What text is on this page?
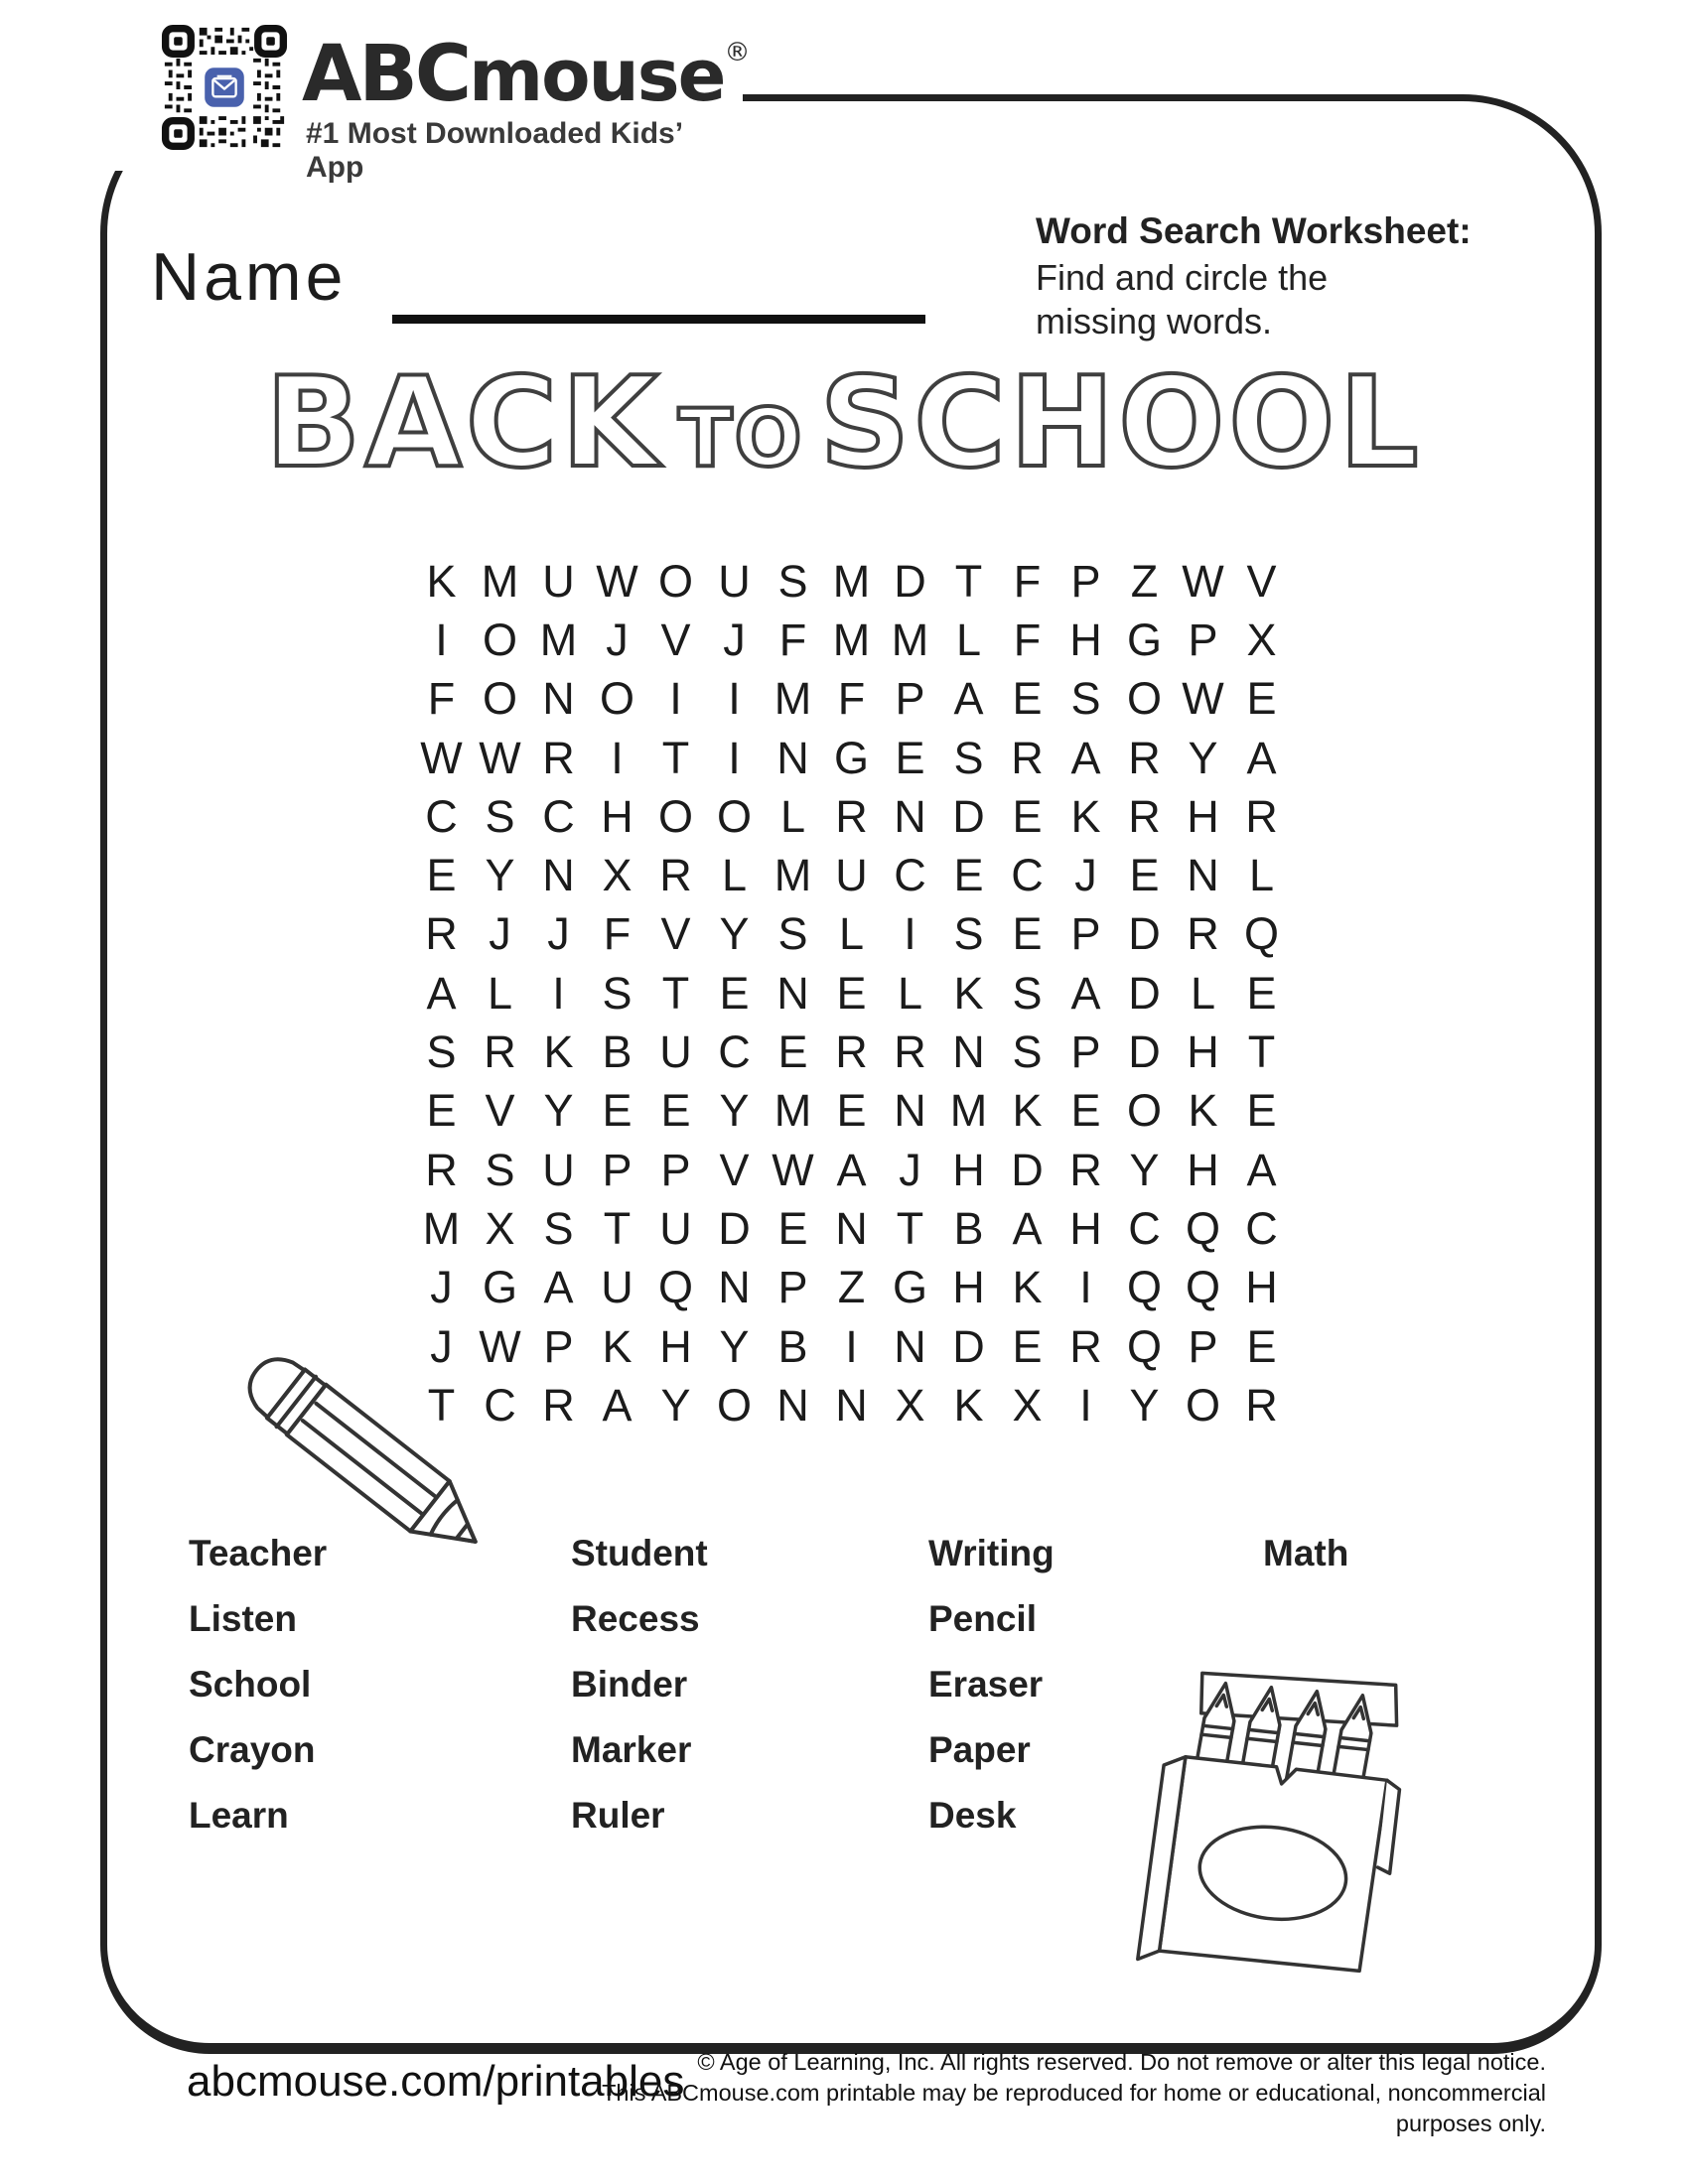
ABCmouse®
#1 Most Downloaded Kids’ App
Name
Word Search Worksheet:
Find and circle the missing words.
BACK TO SCHOOL
K M U W O U S M D T F P Z W V
I O M J V J F M M L F H G P X
F O N O I	I M F P A E S O W E
W W R I T I N G E S R A R Y A
C S C H O O L R N D E K R H R
E Y N X R L M U C E C J E N L
R J J F V Y S L I S E P D R Q
A L I S T E N E L K S A D L E
S R K B U C E R R N S P D H T
E V Y E E Y M E N M K E O K E
R S U P P V W A J H D R Y H A
M X S T U D E N T B A H C Q C
J G A U Q N P Z G H K I Q Q H
J W P K H Y B I N D E R Q P E
T C R A Y O N N X K X I Y O R
Teacher
Listen
School
Crayon
Learn
Student
Recess
Binder
Marker
Ruler
Writing
Pencil
Eraser
Paper
Desk
Math
abcmouse.com/printables © Age of Learning, Inc. All rights reserved. Do not remove or alter this legal notice.
This ABCmouse.com printable may be reproduced for home or educational, noncommercial purposes only.
